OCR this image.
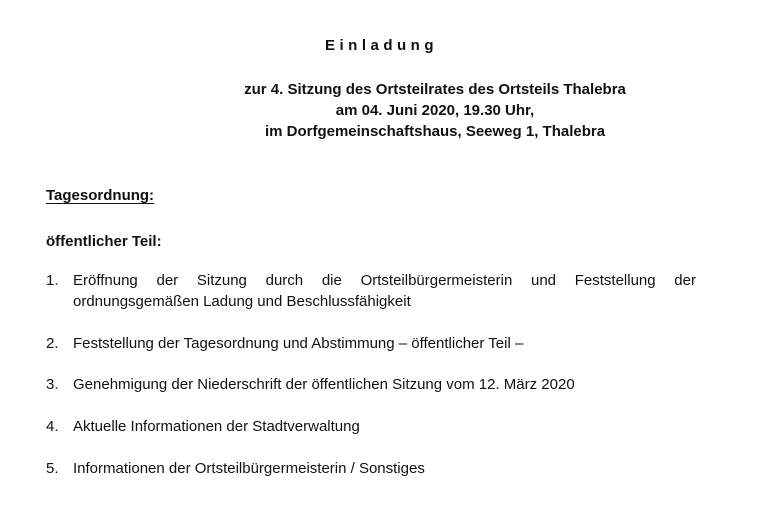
Einladung
zur 4. Sitzung des Ortsteilrates des Ortsteils Thalebra
am 04. Juni 2020, 19.30 Uhr,
im Dorfgemeinschaftshaus, Seeweg 1, Thalebra
Tagesordnung:
öffentlicher Teil:
1. Eröffnung der Sitzung durch die Ortsteilbürgermeisterin und Feststellung der ordnungsgemäßen Ladung und Beschlussfähigkeit
2. Feststellung der Tagesordnung und Abstimmung – öffentlicher Teil –
3. Genehmigung der Niederschrift der öffentlichen Sitzung vom 12. März 2020
4. Aktuelle Informationen der Stadtverwaltung
5. Informationen der Ortsteilbürgermeisterin / Sonstiges
